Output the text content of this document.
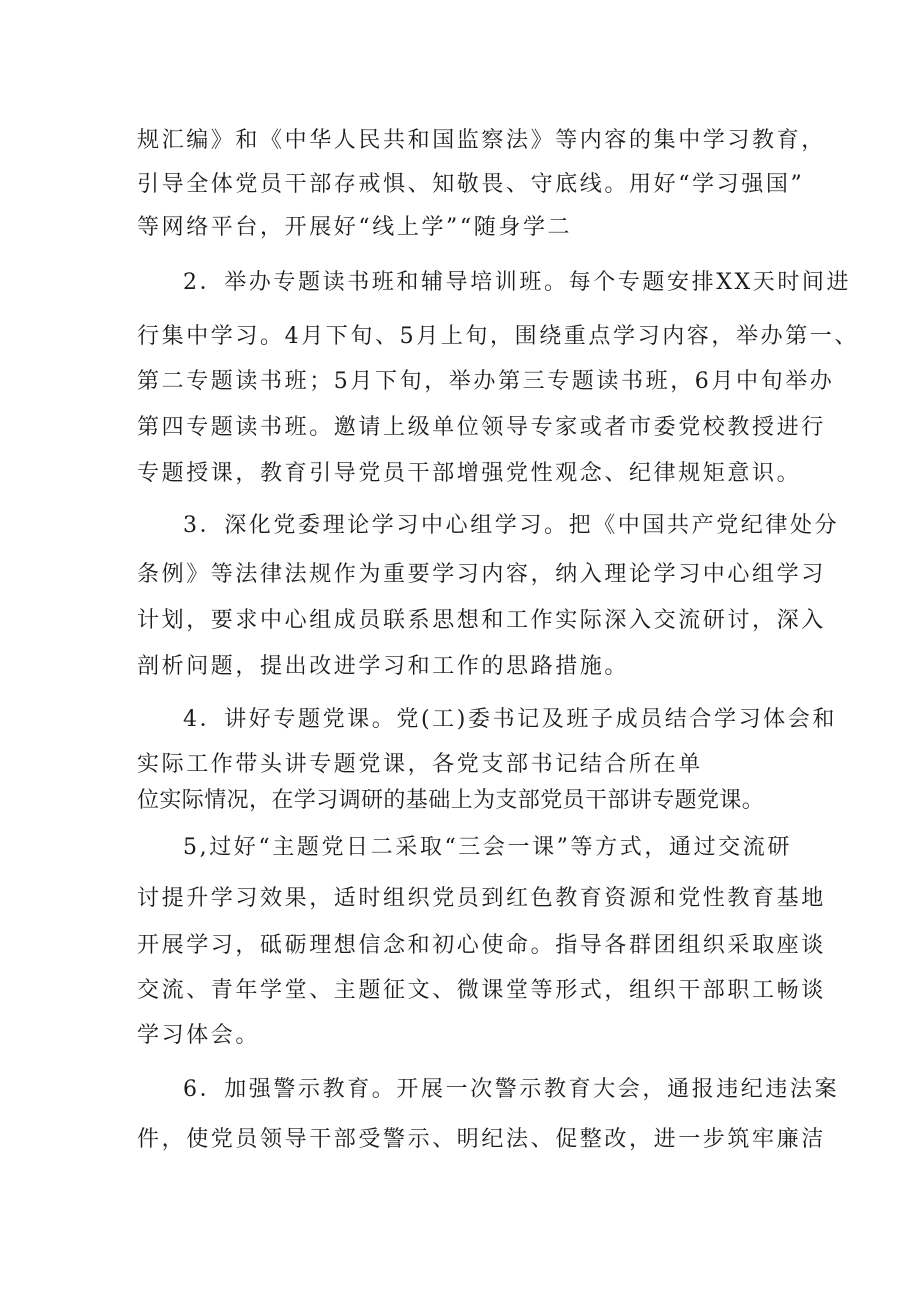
规汇编》和《中华人民共和国监察法》等内容的集中学习教育，
引导全体党员干部存戒惧、知敬畏、守底线。用好“学习强国”
等网络平台，开展好“线上学”“随身学二
2．举办专题读书班和辅导培训班。每个专题安排XX天时间进
行集中学习。4月下旬、5月上旬，围绕重点学习内容，举办第一、
第二专题读书班；5月下旬，举办第三专题读书班，6月中旬举办
第四专题读书班。邀请上级单位领导专家或者市委党校教授进行
专题授课，教育引导党员干部增强党性观念、纪律规矩意识。
3．深化党委理论学习中心组学习。把《中国共产党纪律处分
条例》等法律法规作为重要学习内容，纳入理论学习中心组学习
计划，要求中心组成员联系思想和工作实际深入交流研讨，深入
剖析问题，提出改进学习和工作的思路措施。
4．讲好专题党课。党(工)委书记及班子成员结合学习体会和
实际工作带头讲专题党课，各党支部书记结合所在单
位实际情况，在学习调研的基础上为支部党员干部讲专题党课。
5,过好“主题党日二采取“三会一课”等方式，通过交流研
讨提升学习效果，适时组织党员到红色教育资源和党性教育基地
开展学习，砥砺理想信念和初心使命。指导各群团组织采取座谈
交流、青年学堂、主题征文、微课堂等形式，组织干部职工畅谈
学习体会。
6．加强警示教育。开展一次警示教育大会，通报违纪违法案
件，使党员领导干部受警示、明纪法、促整改，进一步筑牢廉洁
